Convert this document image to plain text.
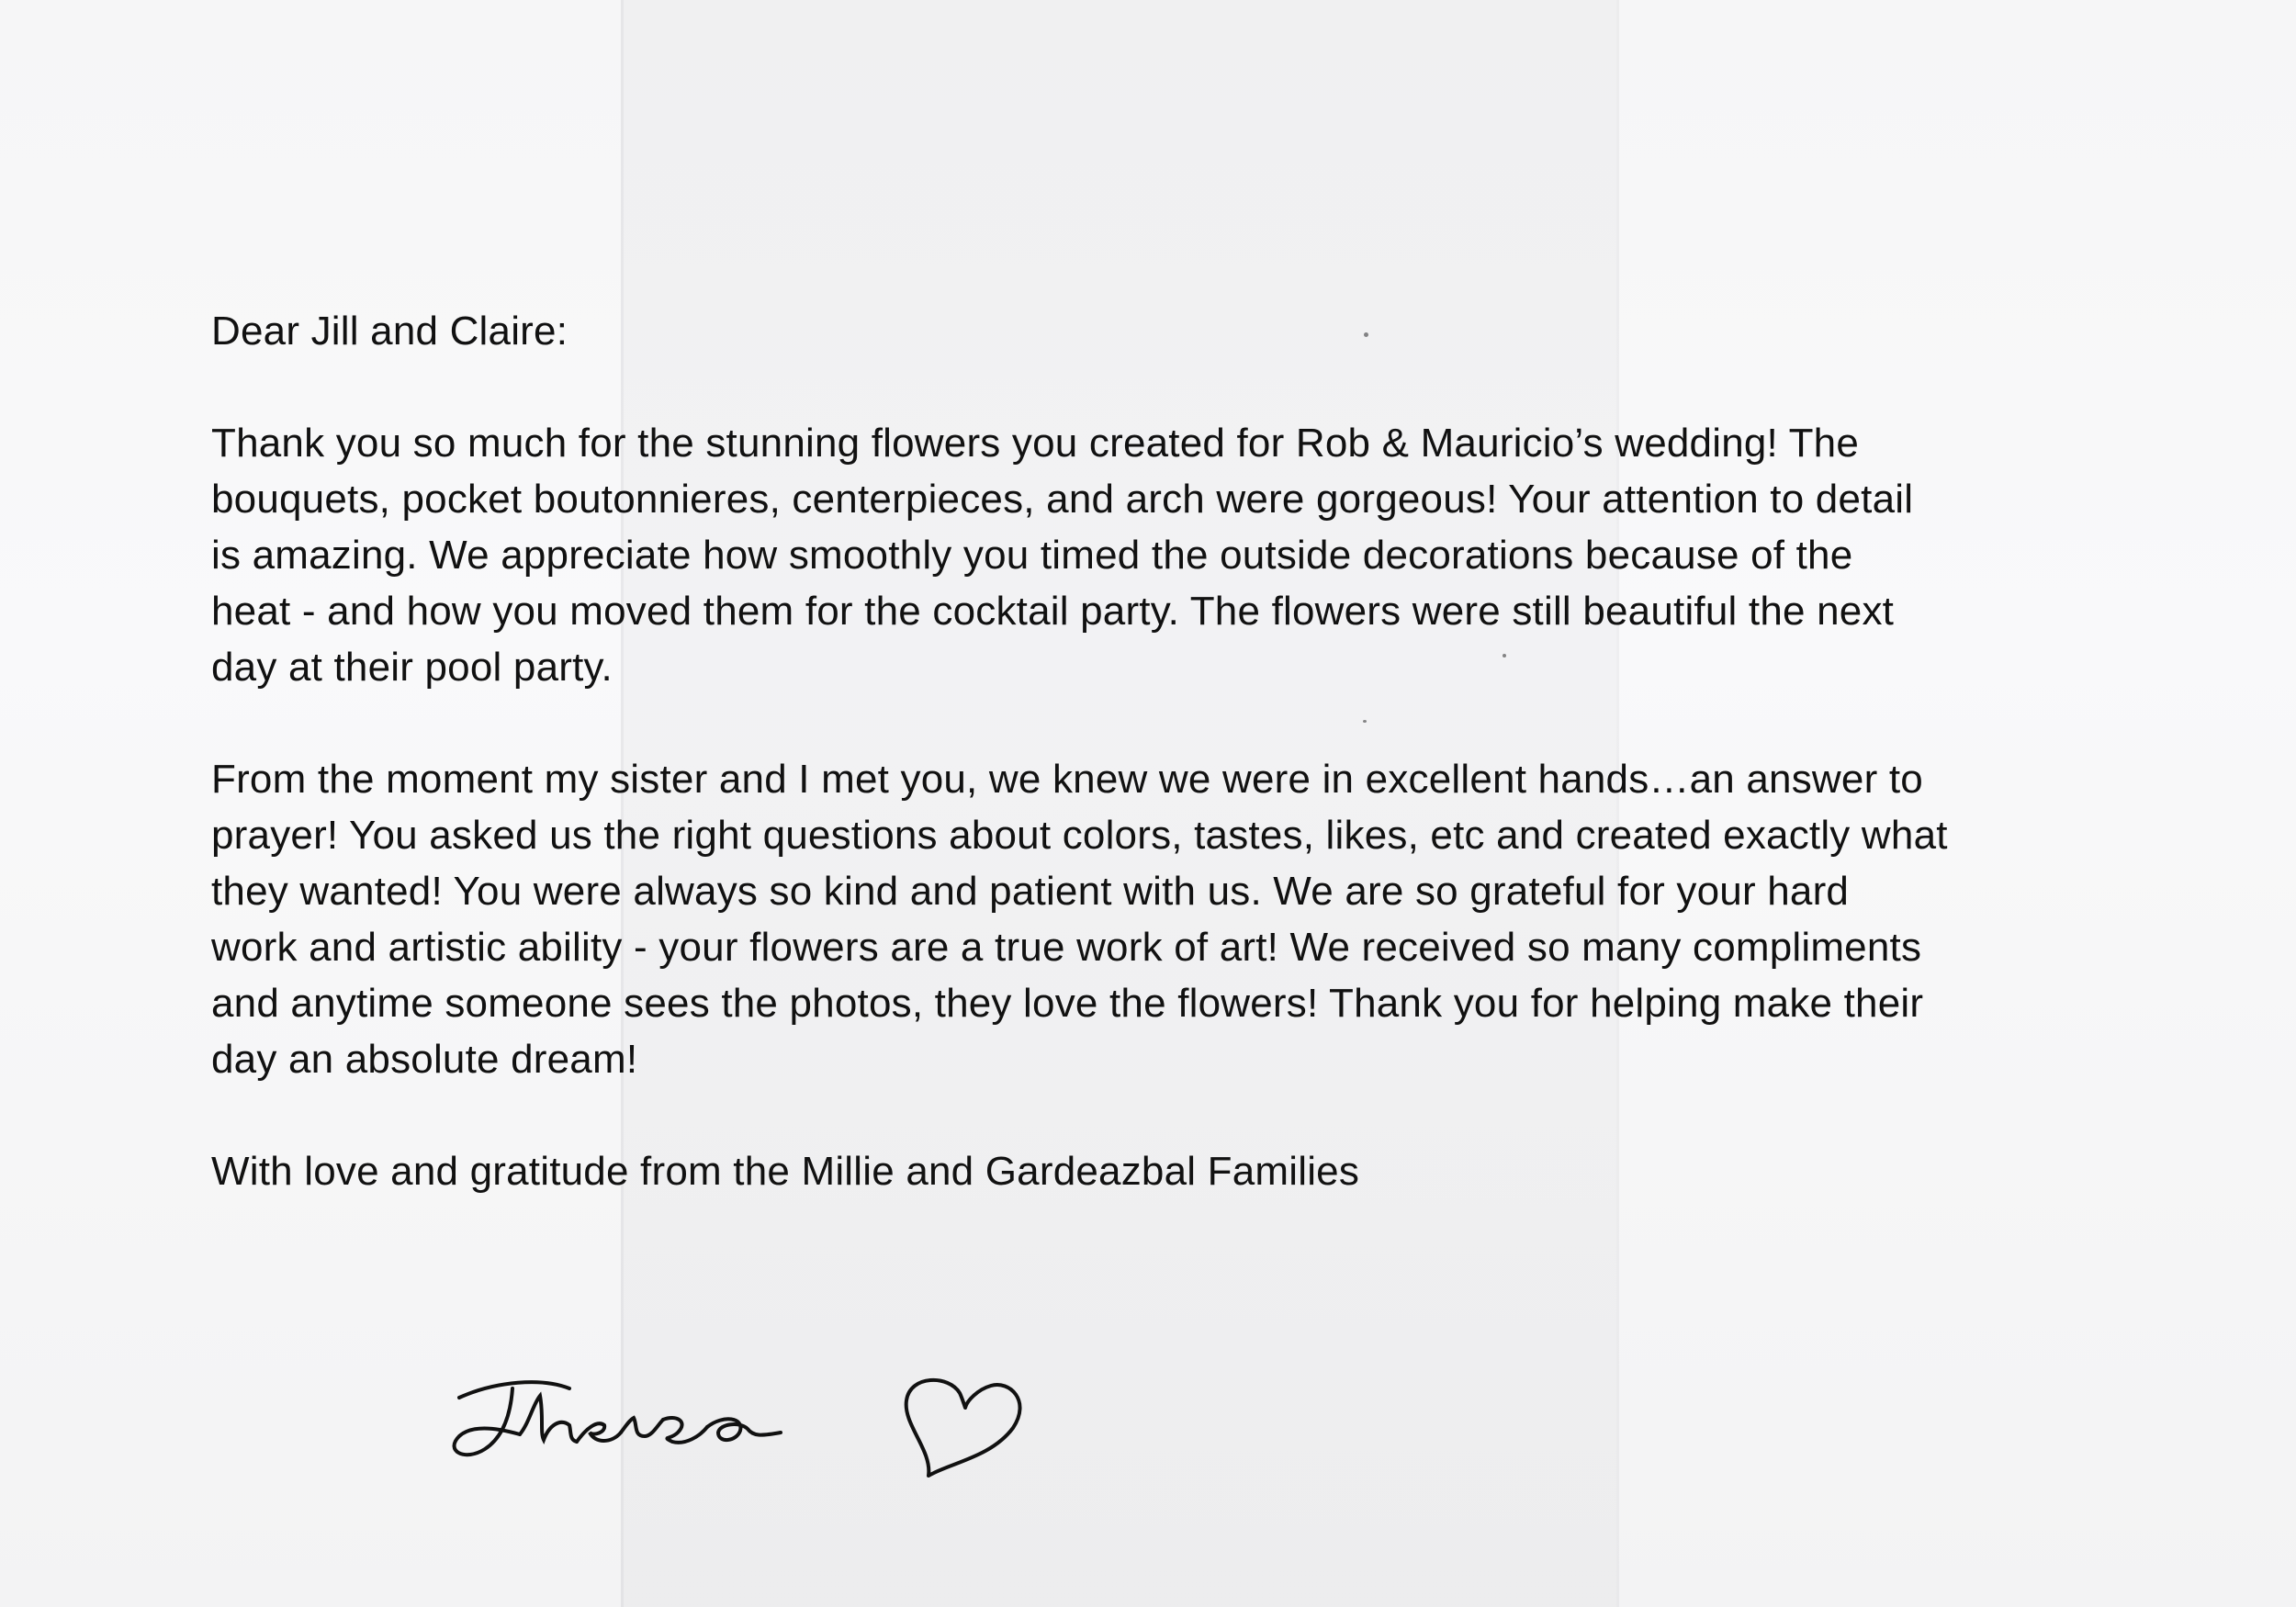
Dear Jill and Claire:

Thank you so much for the stunning flowers you created for Rob & Mauricio’s wedding! The

bouquets, pocket boutonnieres, centerpieces, and arch were gorgeous! Your attention to detail

is amazing. We appreciate how smoothly you timed the outside decorations because of the

heat - and how you moved them for the cocktail party. The flowers were still beautiful the next

day at their pool party.

From the moment my sister and I met you, we knew we were in excellent hands…an answer to

prayer! You asked us the right questions about colors, tastes, likes, etc and created exactly what

they wanted! You were always so kind and patient with us. We are so grateful for your hard

work and artistic ability - your flowers are a true work of art! We received so many compliments

and anytime someone sees the photos, they love the flowers! Thank you for helping make their

day an absolute dream!

With love and gratitude from the Millie and Gardeazbal Families
